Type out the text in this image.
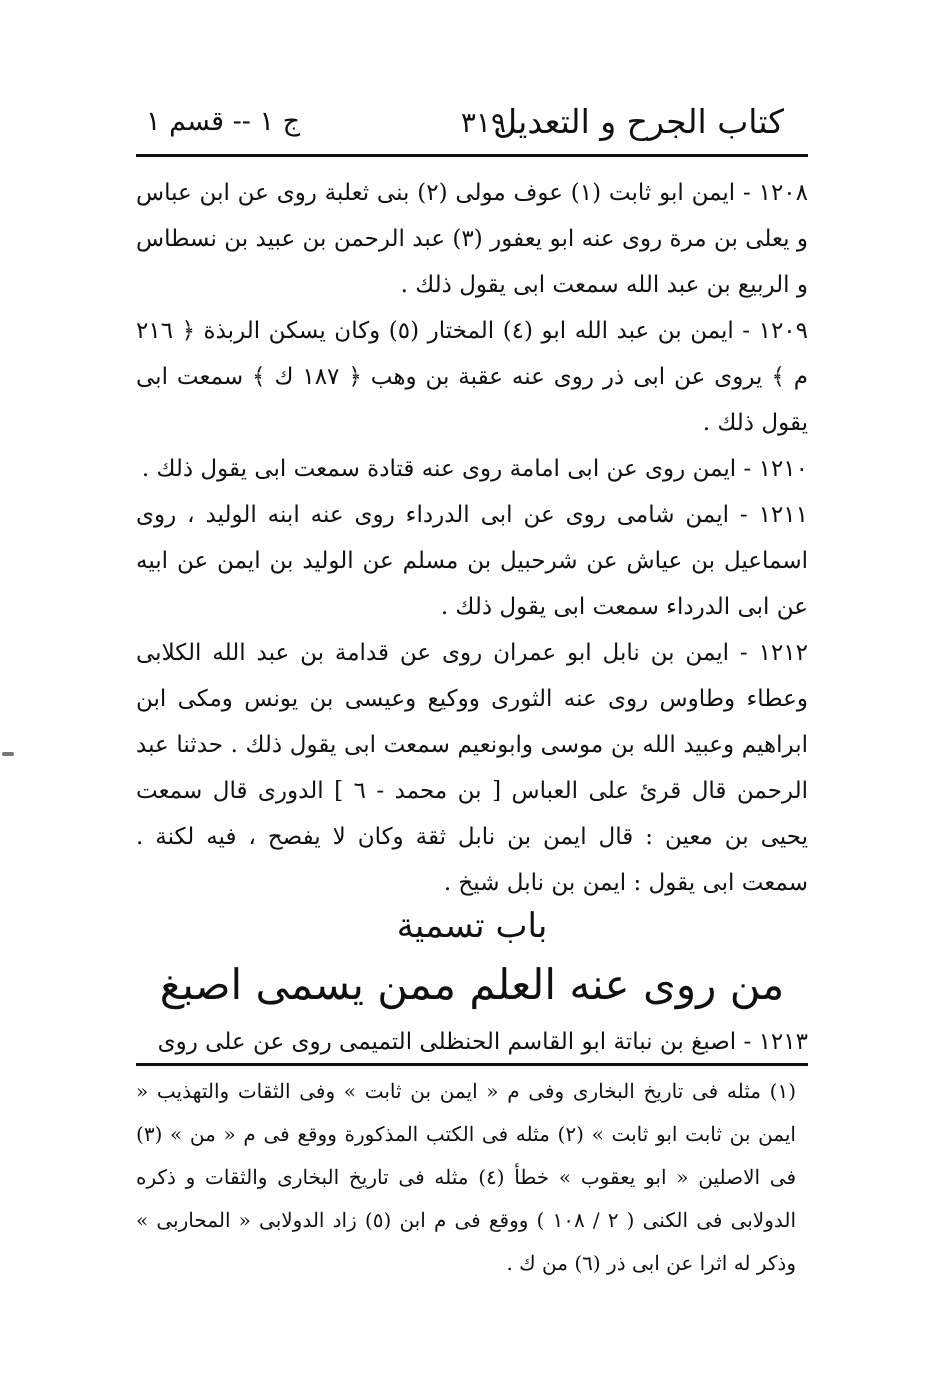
كتاب الجرح و التعديل
٣١٩
ج ١ -- قسم ١

١٢٠٨ - ايمن ابو ثابت (١) عوف مولى (٢) بنى ثعلبة روى عن ابن عباس و يعلى بن مرة روى عنه ابو يعفور (٣) عبد الرحمن بن عبيد بن نسطاس و الربيع بن عبد الله سمعت ابى يقول ذلك .

١٢٠٩ - ايمن بن عبد الله ابو (٤) المختار (٥) وكان يسكن الربذة ﴿ ٢١٦ م ﴾ يروى عن ابى ذر روى عنه عقبة بن وهب ﴿ ١٨٧ ك ﴾ سمعت ابى يقول ذلك .

١٢١٠ - ايمن روى عن ابى امامة روى عنه قتادة سمعت ابى يقول ذلك .

١٢١١ - ايمن شامى روى عن ابى الدرداء روى عنه ابنه الوليد ، روى اسماعيل بن عياش عن شرحبيل بن مسلم عن الوليد بن ايمن عن ابيه عن ابى الدرداء سمعت ابى يقول ذلك .

١٢١٢ - ايمن بن نابل ابو عمران روى عن قدامة بن عبد الله الكلابى وعطاء وطاوس روى عنه الثورى ووكيع وعيسى بن يونس ومكى ابن ابراهيم وعبيد الله بن موسى وابونعيم سمعت ابى يقول ذلك . حدثنا عبد الرحمن قال قرئ على العباس [ بن محمد - ٦ ] الدورى قال سمعت يحيى بن معين : قال ايمن بن نابل ثقة وكان لا يفصح ، فيه لكنة . سمعت ابى يقول : ايمن بن نابل شيخ .

باب تسمية
من روى عنه العلم ممن يسمى اصبغ
١٢١٣ - اصبغ بن نباتة ابو القاسم الحنظلى التميمى روى عن على روى

(١) مثله فى تاريخ البخارى وفى م « ايمن بن ثابت » وفى الثقات والتهذيب « ايمن بن ثابت ابو ثابت » (٢) مثله فى الكتب المذكورة ووقع فى م « من » (٣) فى الاصلين « ابو يعقوب » خطأ (٤) مثله فى تاريخ البخارى والثقات و ذكره الدولابى فى الكنى ( ٢ / ١٠٨ ) ووقع فى م ابن (٥) زاد الدولابى « المحاربى » وذكر له اثرا عن ابى ذر (٦) من ك .
